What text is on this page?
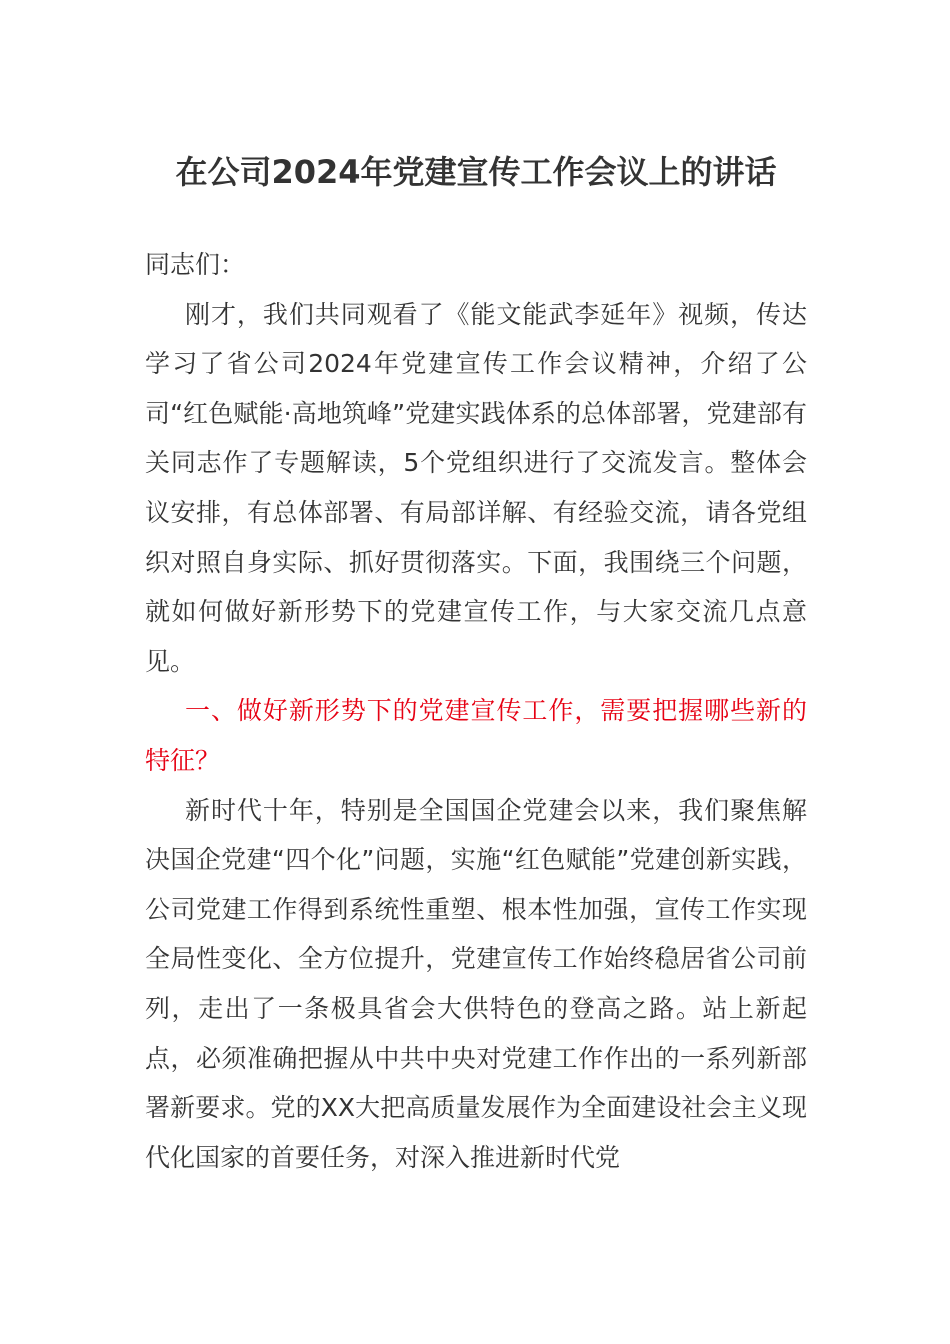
在公司2024年党建宣传工作会议上的讲话

同志们：

刚才，我们共同观看了《能文能武李延年》视频，传达学习了省公司2024年党建宣传工作会议精神，介绍了公司“红色赋能·高地筑峰”党建实践体系的总体部署，党建部有关同志作了专题解读，5个党组织进行了交流发言。整体会议安排，有总体部署、有局部详解、有经验交流，请各党组织对照自身实际、抓好贯彻落实。下面，我围绕三个问题，就如何做好新形势下的党建宣传工作，与大家交流几点意见。

一、做好新形势下的党建宣传工作，需要把握哪些新的特征？

新时代十年，特别是全国国企党建会以来，我们聚焦解决国企党建“四个化”问题，实施“红色赋能”党建创新实践，公司党建工作得到系统性重塑、根本性加强，宣传工作实现全局性变化、全方位提升，党建宣传工作始终稳居省公司前列，走出了一条极具省会大供特色的登高之路。站上新起点，必须准确把握从中共中央对党建工作作出的一系列新部署新要求。党的XX大把高质量发展作为全面建设社会主义现代化国家的首要任务，对深入推进新时代党
